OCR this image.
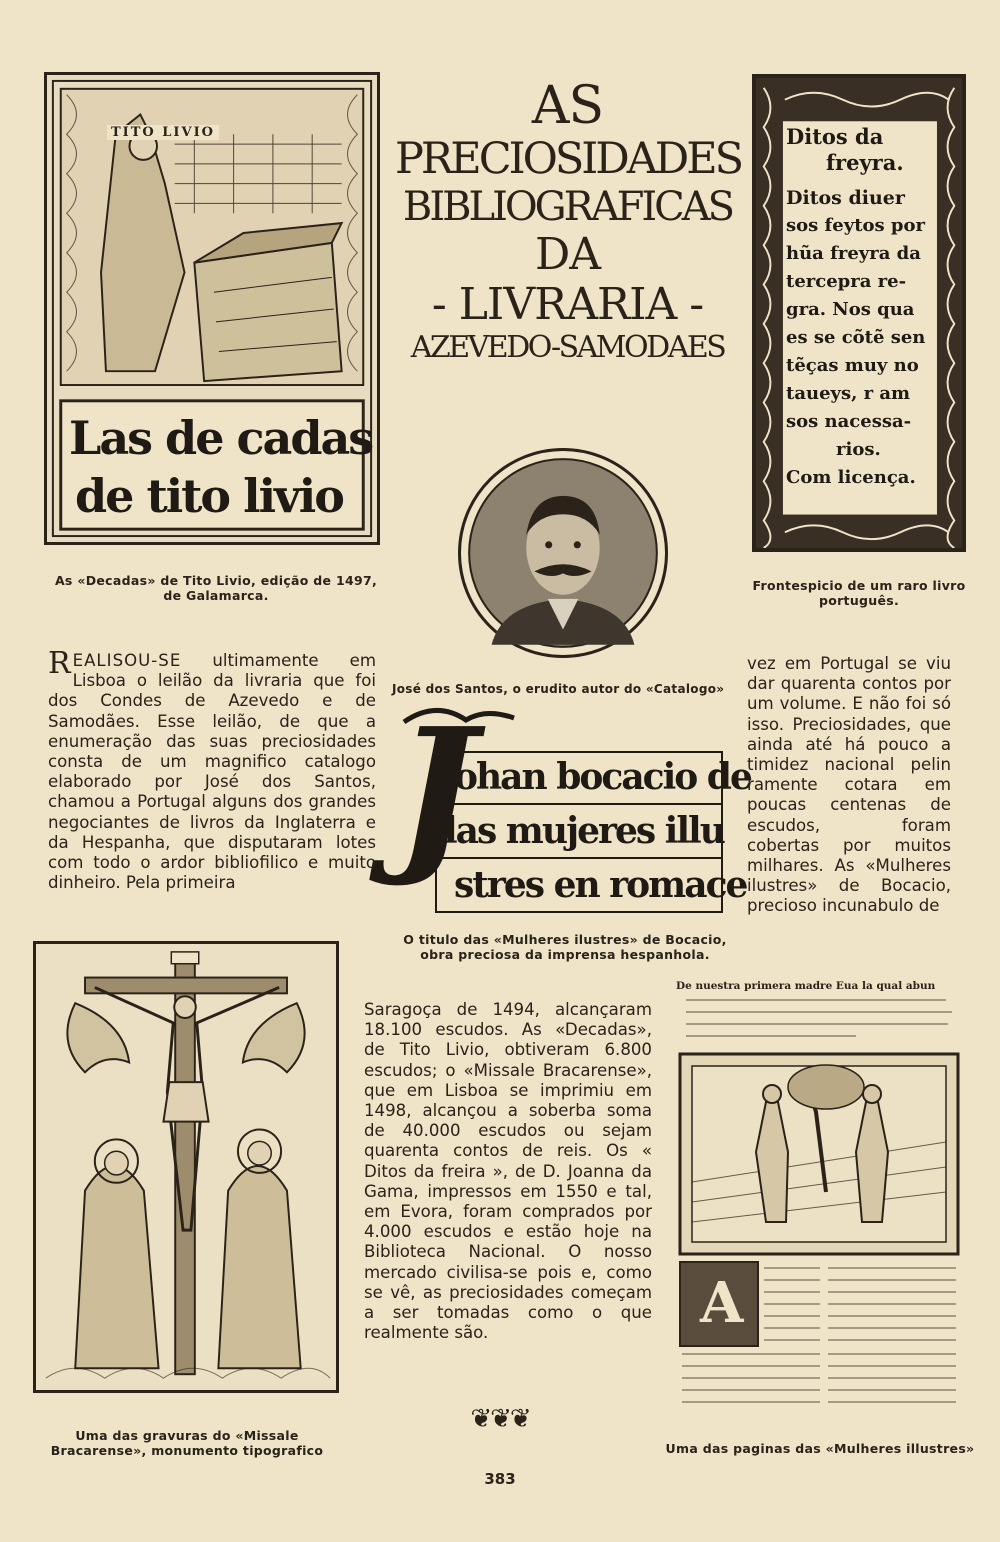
AS
PRECIOSIDADES
BIBLIOGRAFICAS
DA
- LIVRARIA -
AZEVEDO-SAMODAES
TITO LIVIO
Las de cadas
de tito livio
As «Decadas» de Tito Livio, edição de 1497, de Galamarca.
Ditos da
freyra.
Ditos diuer
sos feytos por
hũa freyra da
tercepra re-
gra. Nos qua
es se cõtẽ sen
tẽças muy no
taueys, r am
sos nacessa-
rios.
Com licença.
Frontespicio de um raro livro português.
José dos Santos, o erudito autor do «Catalogo»
J
ohan bocacio de
las mujeres illu
stres en romace
O titulo das «Mulheres ilustres» de Bocacio, obra preciosa da imprensa hespanhola.
REALISOU-SE ultimamente em Lisboa o leilão da livraria que foi dos Condes de Azevedo e de Samodães. Esse leilão, de que a enumeração das suas preciosidades consta de um magnifico catalogo elaborado por José dos Santos, chamou a Portugal alguns dos grandes negociantes de livros da Inglaterra e da Hespanha, que disputaram lotes com todo o ardor bibliofilico e muito dinheiro. Pela primeira
vez em Portugal se viu dar quarenta contos por um volume. E não foi só isso. Preciosidades, que ainda até há pouco a timidez nacional pelin ramente cotara em poucas centenas de escudos, foram cobertas por muitos milhares. As «Mulheres ilustres» de Bocacio, precioso incunabulo de
Uma das gravuras do «Missale Bracarense», monumento tipografico
Saragoça de 1494, alcançaram 18.100 escudos. As «Decadas», de Tito Livio, obtiveram 6.800 escudos; o «Missale Bracarense», que em Lisboa se imprimiu em 1498, alcançou a soberba soma de 40.000 escudos ou sejam quarenta contos de reis. Os « Ditos da freira », de D. Joanna da Gama, impressos em 1550 e tal, em Evora, foram comprados por 4.000 escudos e estão hoje na Biblioteca Nacional. O nosso mercado civilisa-se pois e, como se vê, as preciosidades começam a ser tomadas como o que realmente são.
De nuestra primera madre Eua la qual abun
A
Uma das paginas das «Mulheres illustres»
❦❦❦
383
